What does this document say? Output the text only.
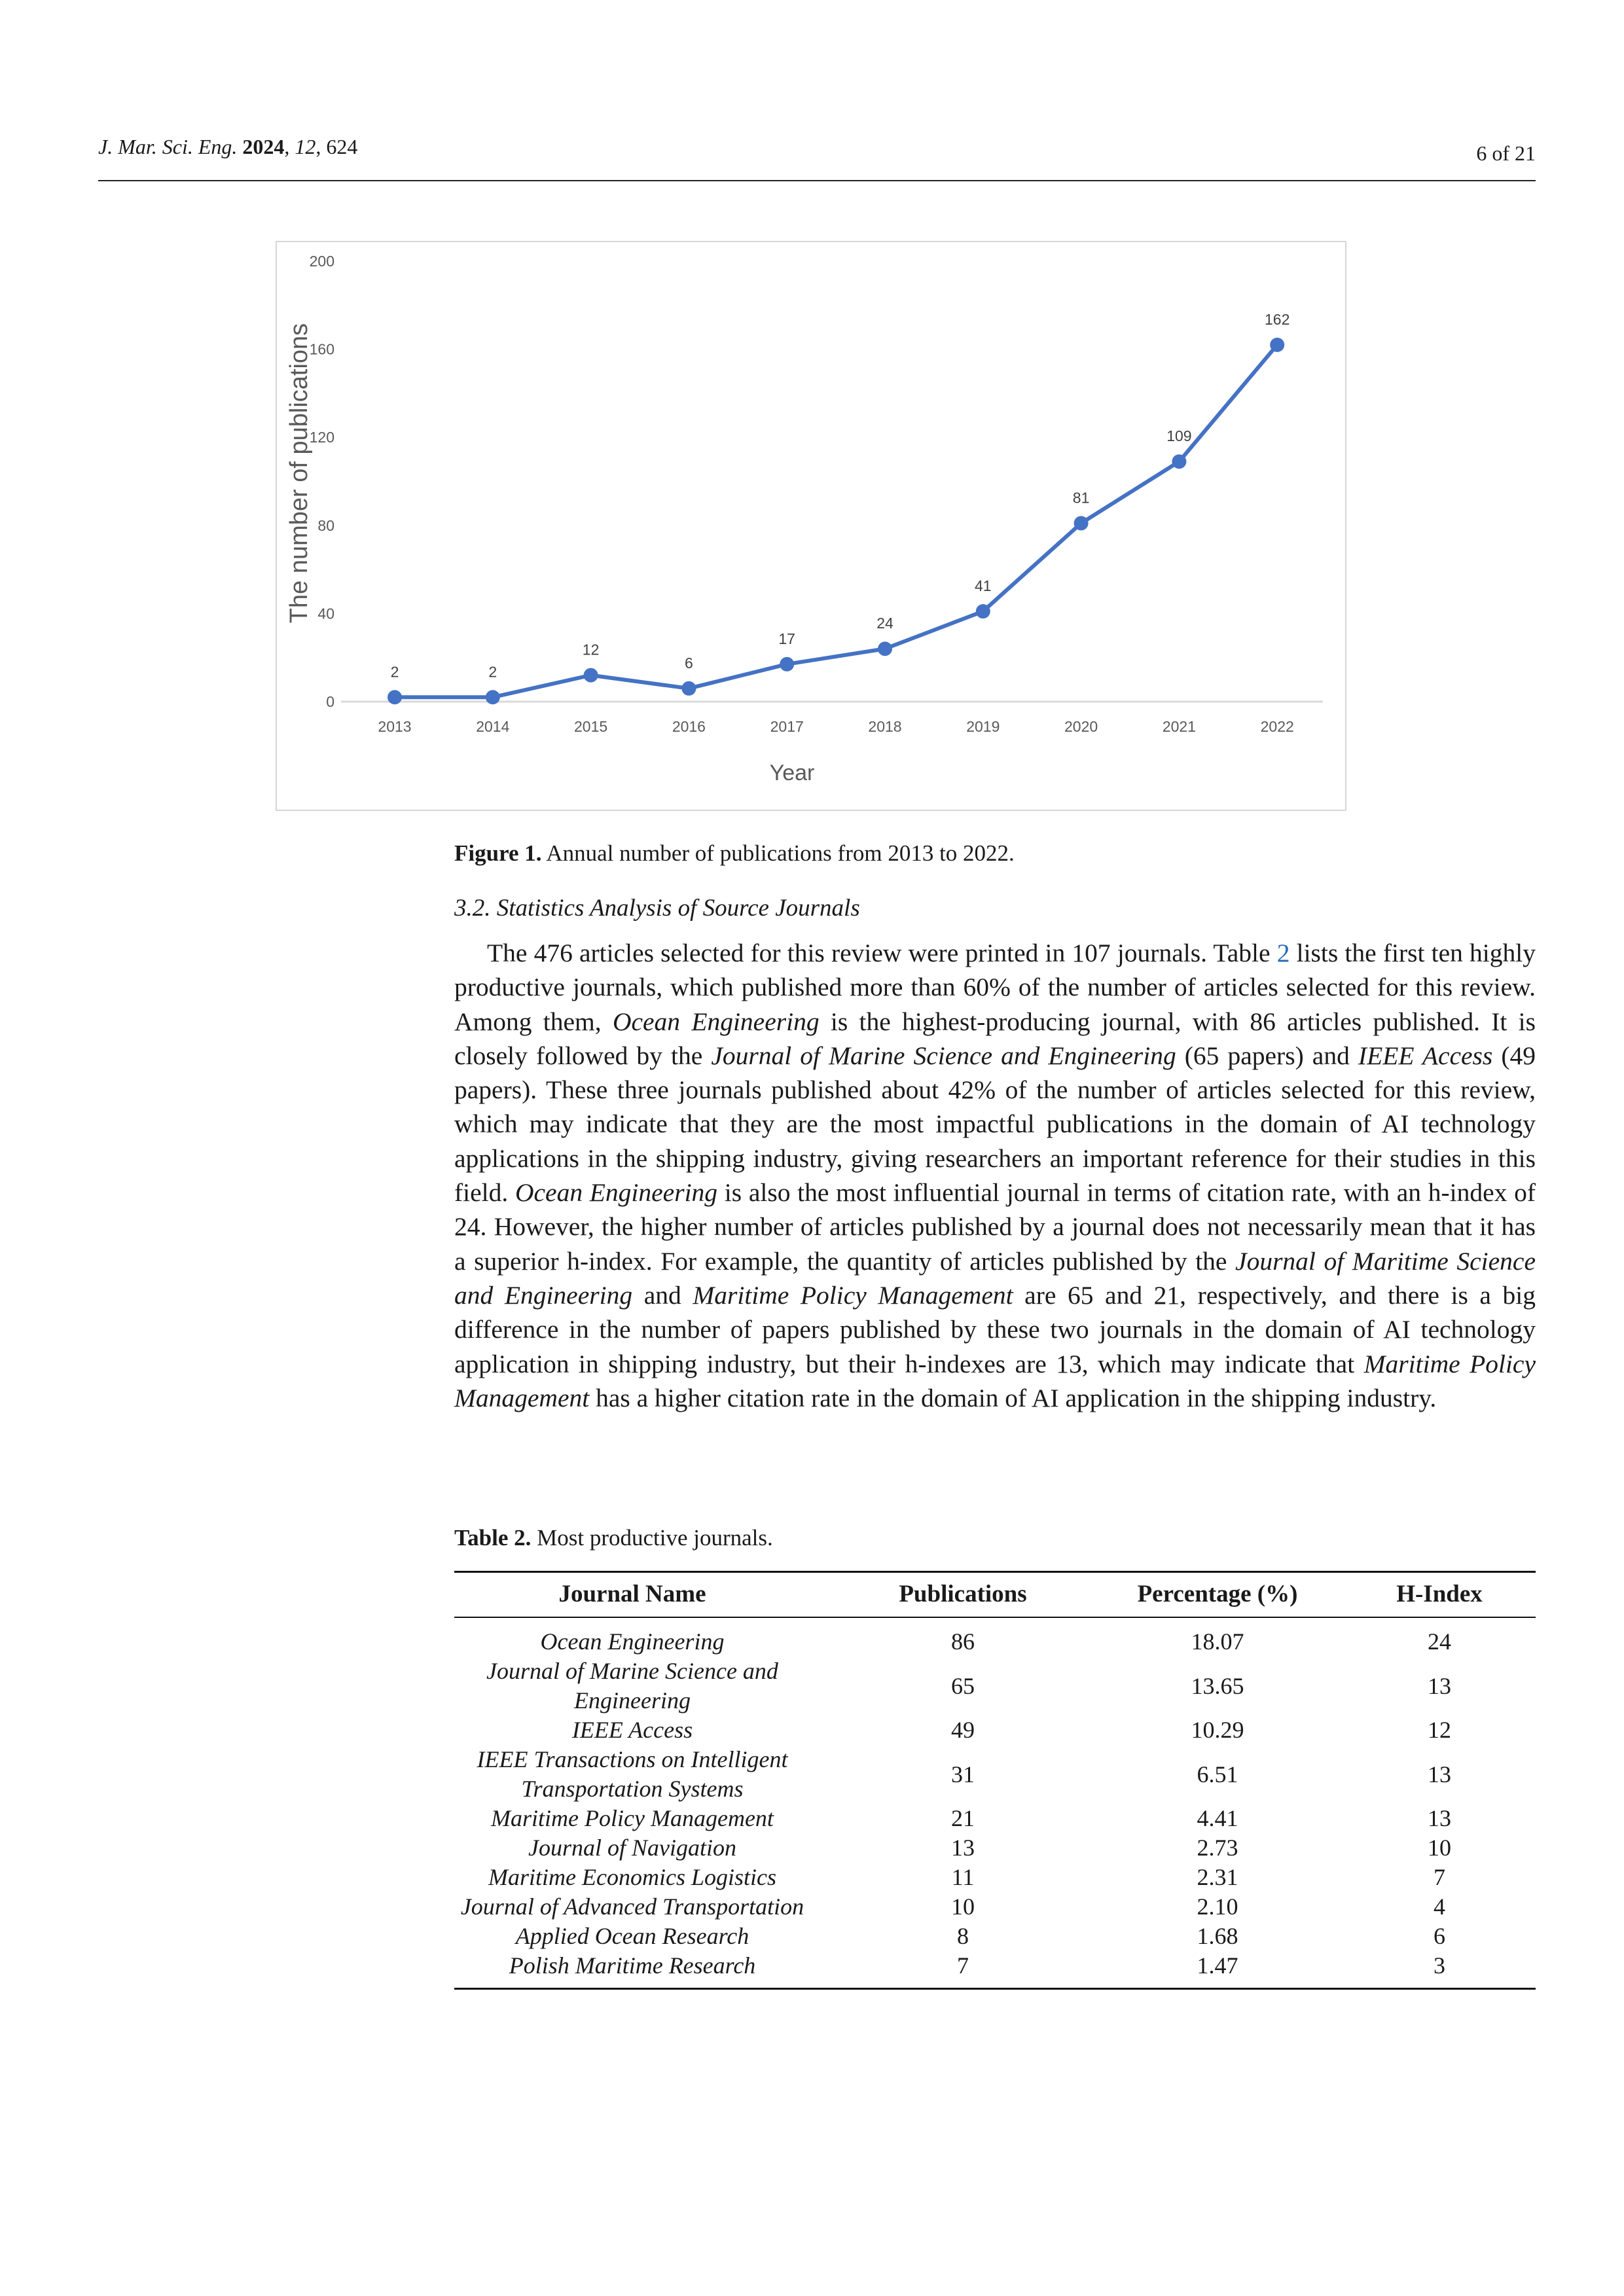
J. Mar. Sci. Eng. 2024, 12, 624	6 of 21
0
40
80
120
160
200
2013	2014	2015	2016	2017	2018	2019	2020	2021	2022
Year
The number of publications
2	2
12
6
17
24
41
81
109
162
Figure 1. Annual number of publications from 2013 to 2022.
3.2. Statistics Analysis of Source Journals
The 476 articles selected for this review were printed in 107 journals. Table 2 lists the first ten highly productive journals, which published more than 60% of the number of articles selected for this review. Among them, Ocean Engineering is the highest-producing journal, with 86 articles published. It is closely followed by the Journal of Marine Science and Engineering (65 papers) and IEEE Access (49 papers). These three journals published about 42% of the number of articles selected for this review, which may indicate that they are the most impactful publications in the domain of AI technology applications in the shipping industry, giving researchers an important reference for their studies in this field. Ocean Engineering is also the most influential journal in terms of citation rate, with an h-index of 24. However, the higher number of articles published by a journal does not necessarily mean that it has a superior h-index. For example, the quantity of articles published by the Journal of Maritime Science and Engineering and Maritime Policy Management are 65 and 21, respectively, and there is a big difference in the number of papers published by these two journals in the domain of AI technology application in shipping industry, but their h-indexes are 13, which may indicate that Maritime Policy Management has a higher citation rate in the domain of AI application in the shipping industry.
Table 2. Most productive journals.
Journal Name	Publications	Percentage (%)	H-Index
Ocean Engineering	86	18.07	24
Journal of Marine Science and
Engineering
65	13.65	13
IEEE Access	49	10.29	12
IEEE Transactions on Intelligent
Transportation Systems
31	6.51	13
Maritime Policy Management	21	4.41	13
Journal of Navigation	13	2.73	10
Maritime Economics Logistics	11	2.31	7
Journal of Advanced Transportation	10	2.10	4
Applied Ocean Research	8	1.68	6
Polish Maritime Research	7	1.47	3
